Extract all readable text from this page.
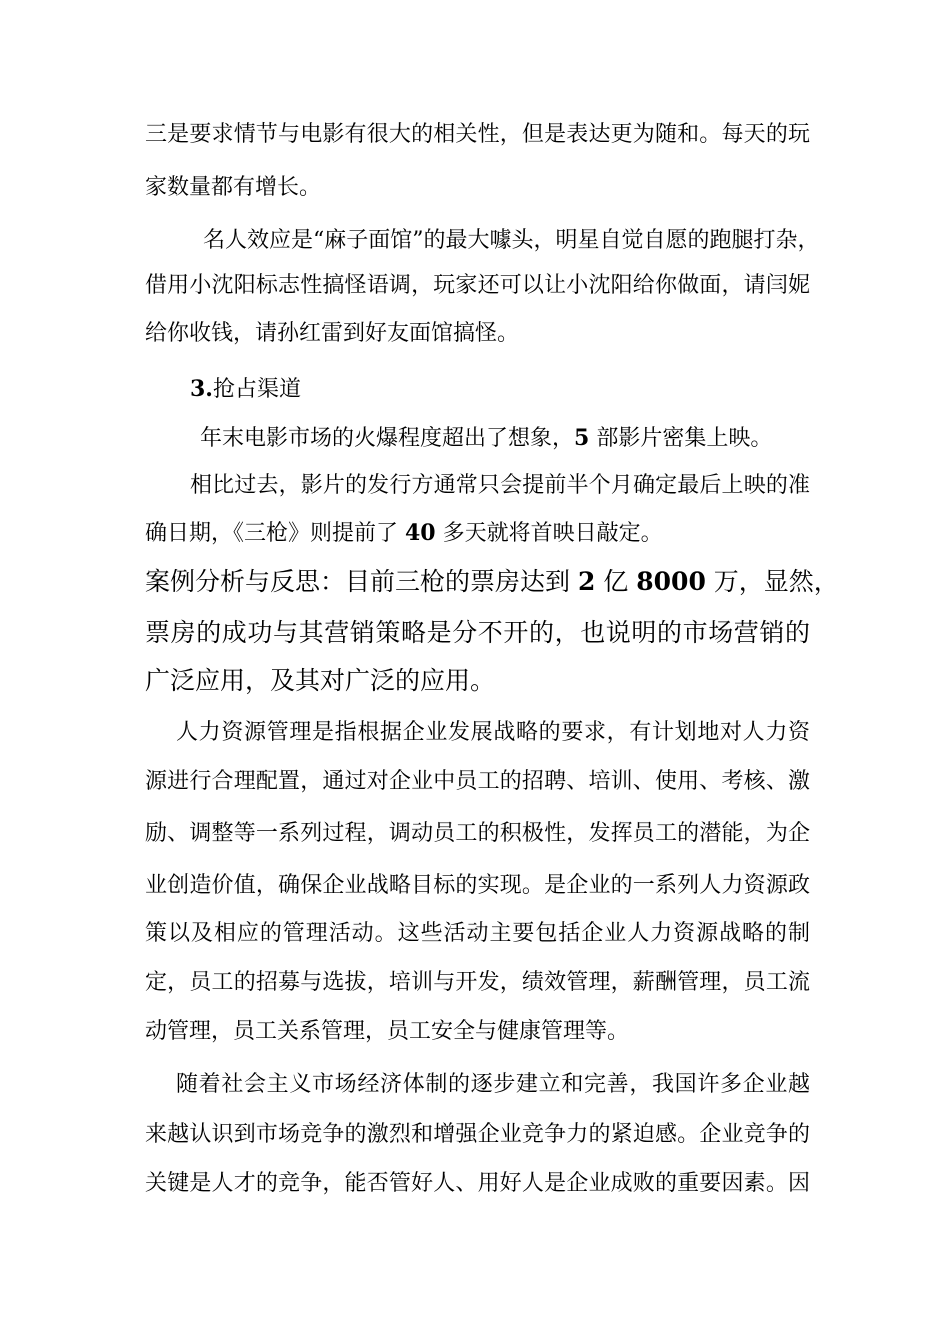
三是要求情节与电影有很大的相关性，但是表达更为随和。每天的玩
家数量都有增长。
名人效应是“麻子面馆”的最大噱头，明星自觉自愿的跑腿打杂，
借用小沈阳标志性搞怪语调，玩家还可以让小沈阳给你做面，请闫妮
给你收钱，请孙红雷到好友面馆搞怪。
3.抢占渠道
年末电影市场的火爆程度超出了想象，5 部影片密集上映。
相比过去，影片的发行方通常只会提前半个月确定最后上映的准
确日期，《三枪》则提前了 40 多天就将首映日敲定。
案例分析与反思：目前三枪的票房达到 2 亿 8000 万，显然，
票房的成功与其营销策略是分不开的，也说明的市场营销的
广泛应用，及其对广泛的应用。
人力资源管理是指根据企业发展战略的要求，有计划地对人力资
源进行合理配置，通过对企业中员工的招聘、培训、使用、考核、激
励、调整等一系列过程，调动员工的积极性，发挥员工的潜能，为企
业创造价值，确保企业战略目标的实现。是企业的一系列人力资源政
策以及相应的管理活动。这些活动主要包括企业人力资源战略的制
定，员工的招募与选拔，培训与开发，绩效管理，薪酬管理，员工流
动管理，员工关系管理，员工安全与健康管理等。
随着社会主义市场经济体制的逐步建立和完善，我国许多企业越
来越认识到市场竞争的激烈和增强企业竞争力的紧迫感。企业竞争的
关键是人才的竞争，能否管好人、用好人是企业成败的重要因素。因
